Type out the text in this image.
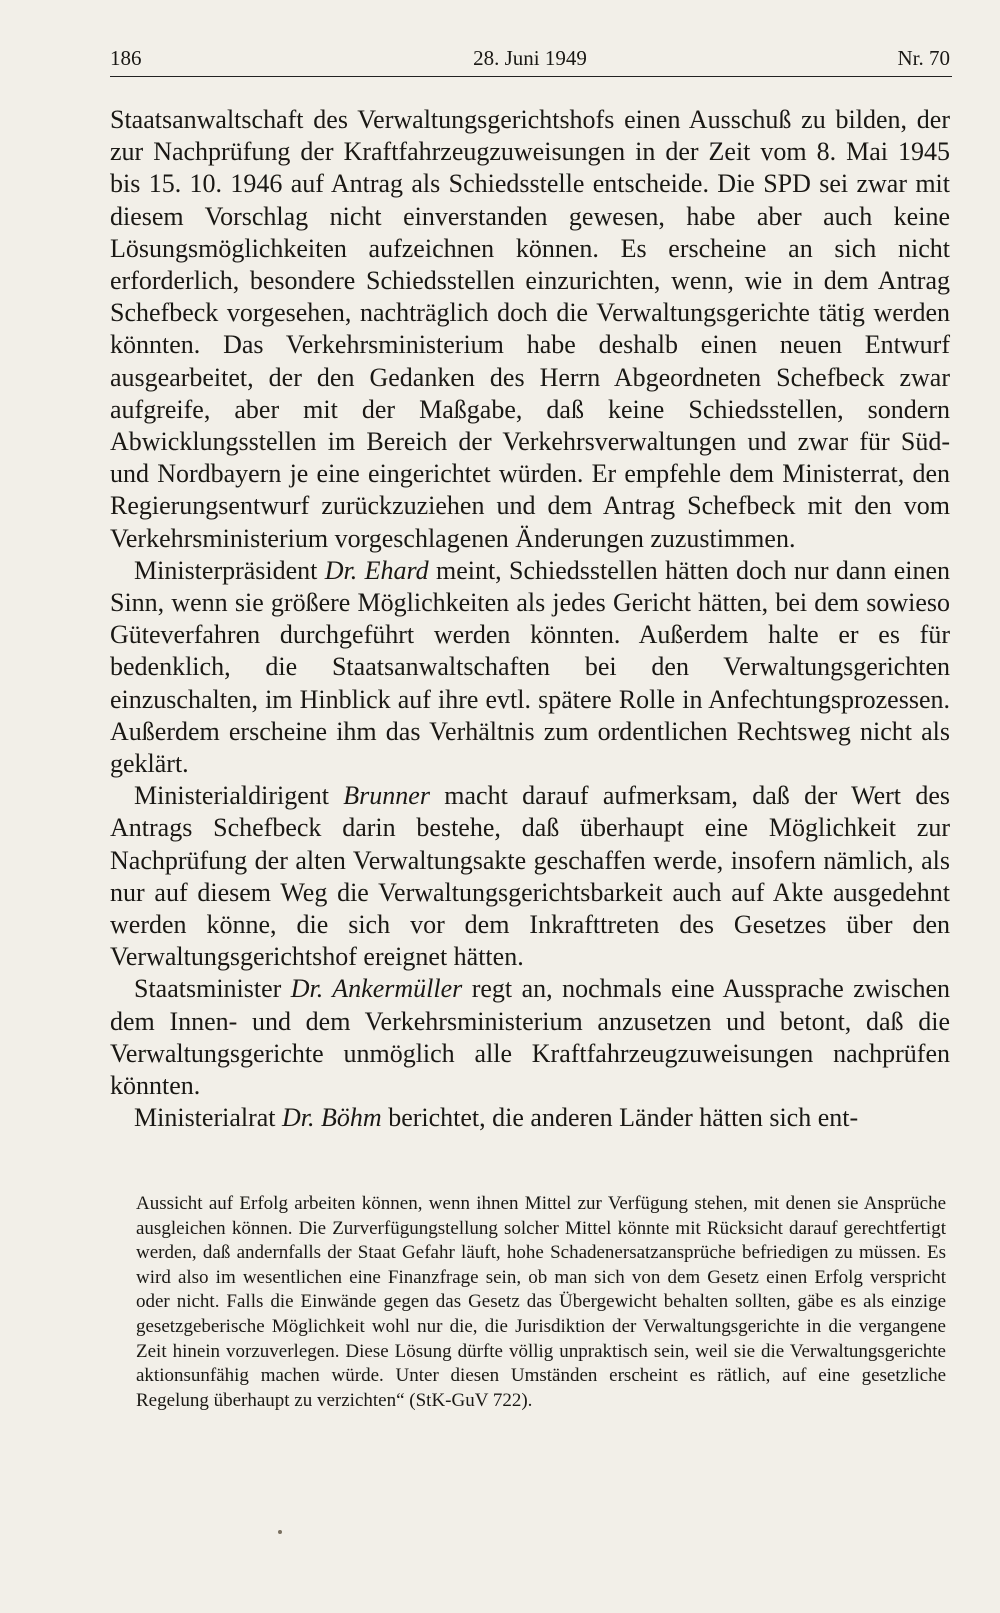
186	28. Juni 1949	Nr. 70

Staatsanwaltschaft des Verwaltungsgerichtshofs einen Ausschuß zu bilden, der zur Nachprüfung der Kraftfahrzeugzuweisungen in der Zeit vom 8. Mai 1945 bis 15. 10. 1946 auf Antrag als Schiedsstelle entscheide. Die SPD sei zwar mit diesem Vorschlag nicht einverstanden gewesen, habe aber auch keine Lösungsmöglichkeiten aufzeichnen können. Es erscheine an sich nicht erforderlich, besondere Schiedsstellen einzurichten, wenn, wie in dem Antrag Schefbeck vorgesehen, nachträglich doch die Verwaltungsgerichte tätig werden könnten. Das Verkehrsministerium habe deshalb einen neuen Entwurf ausgearbeitet, der den Gedanken des Herrn Abgeordneten Schefbeck zwar aufgreife, aber mit der Maßgabe, daß keine Schiedsstellen, sondern Abwicklungsstellen im Bereich der Verkehrsverwaltungen und zwar für Süd- und Nordbayern je eine eingerichtet würden. Er empfehle dem Ministerrat, den Regierungsentwurf zurückzuziehen und dem Antrag Schefbeck mit den vom Verkehrsministerium vorgeschlagenen Änderungen zuzustimmen.

Ministerpräsident Dr. Ehard meint, Schiedsstellen hätten doch nur dann einen Sinn, wenn sie größere Möglichkeiten als jedes Gericht hätten, bei dem sowieso Güteverfahren durchgeführt werden könnten. Außerdem halte er es für bedenklich, die Staatsanwaltschaften bei den Verwaltungsgerichten einzuschalten, im Hinblick auf ihre evtl. spätere Rolle in Anfechtungsprozessen. Außerdem erscheine ihm das Verhältnis zum ordentlichen Rechtsweg nicht als geklärt.

Ministerialdirigent Brunner macht darauf aufmerksam, daß der Wert des Antrags Schefbeck darin bestehe, daß überhaupt eine Möglichkeit zur Nachprüfung der alten Verwaltungsakte geschaffen werde, insofern nämlich, als nur auf diesem Weg die Verwaltungsgerichtsbarkeit auch auf Akte ausgedehnt werden könne, die sich vor dem Inkrafttreten des Gesetzes über den Verwaltungsgerichtshof ereignet hätten.

Staatsminister Dr. Ankermüller regt an, nochmals eine Aussprache zwischen dem Innen- und dem Verkehrsministerium anzusetzen und betont, daß die Verwaltungsgerichte unmöglich alle Kraftfahrzeugzuweisungen nachprüfen könnten.

Ministerialrat Dr. Böhm berichtet, die anderen Länder hätten sich ent-

Aussicht auf Erfolg arbeiten können, wenn ihnen Mittel zur Verfügung stehen, mit denen sie Ansprüche ausgleichen können. Die Zurverfügungstellung solcher Mittel könnte mit Rücksicht darauf gerechtfertigt werden, daß andernfalls der Staat Gefahr läuft, hohe Schadenersatzansprüche befriedigen zu müssen. Es wird also im wesentlichen eine Finanzfrage sein, ob man sich von dem Gesetz einen Erfolg verspricht oder nicht. Falls die Einwände gegen das Gesetz das Übergewicht behalten sollten, gäbe es als einzige gesetzgeberische Möglichkeit wohl nur die, die Jurisdiktion der Verwaltungsgerichte in die vergangene Zeit hinein vorzuverlegen. Diese Lösung dürfte völlig unpraktisch sein, weil sie die Verwaltungsgerichte aktionsunfähig machen würde. Unter diesen Umständen erscheint es rätlich, auf eine gesetzliche Regelung überhaupt zu verzichten“ (StK-GuV 722).
